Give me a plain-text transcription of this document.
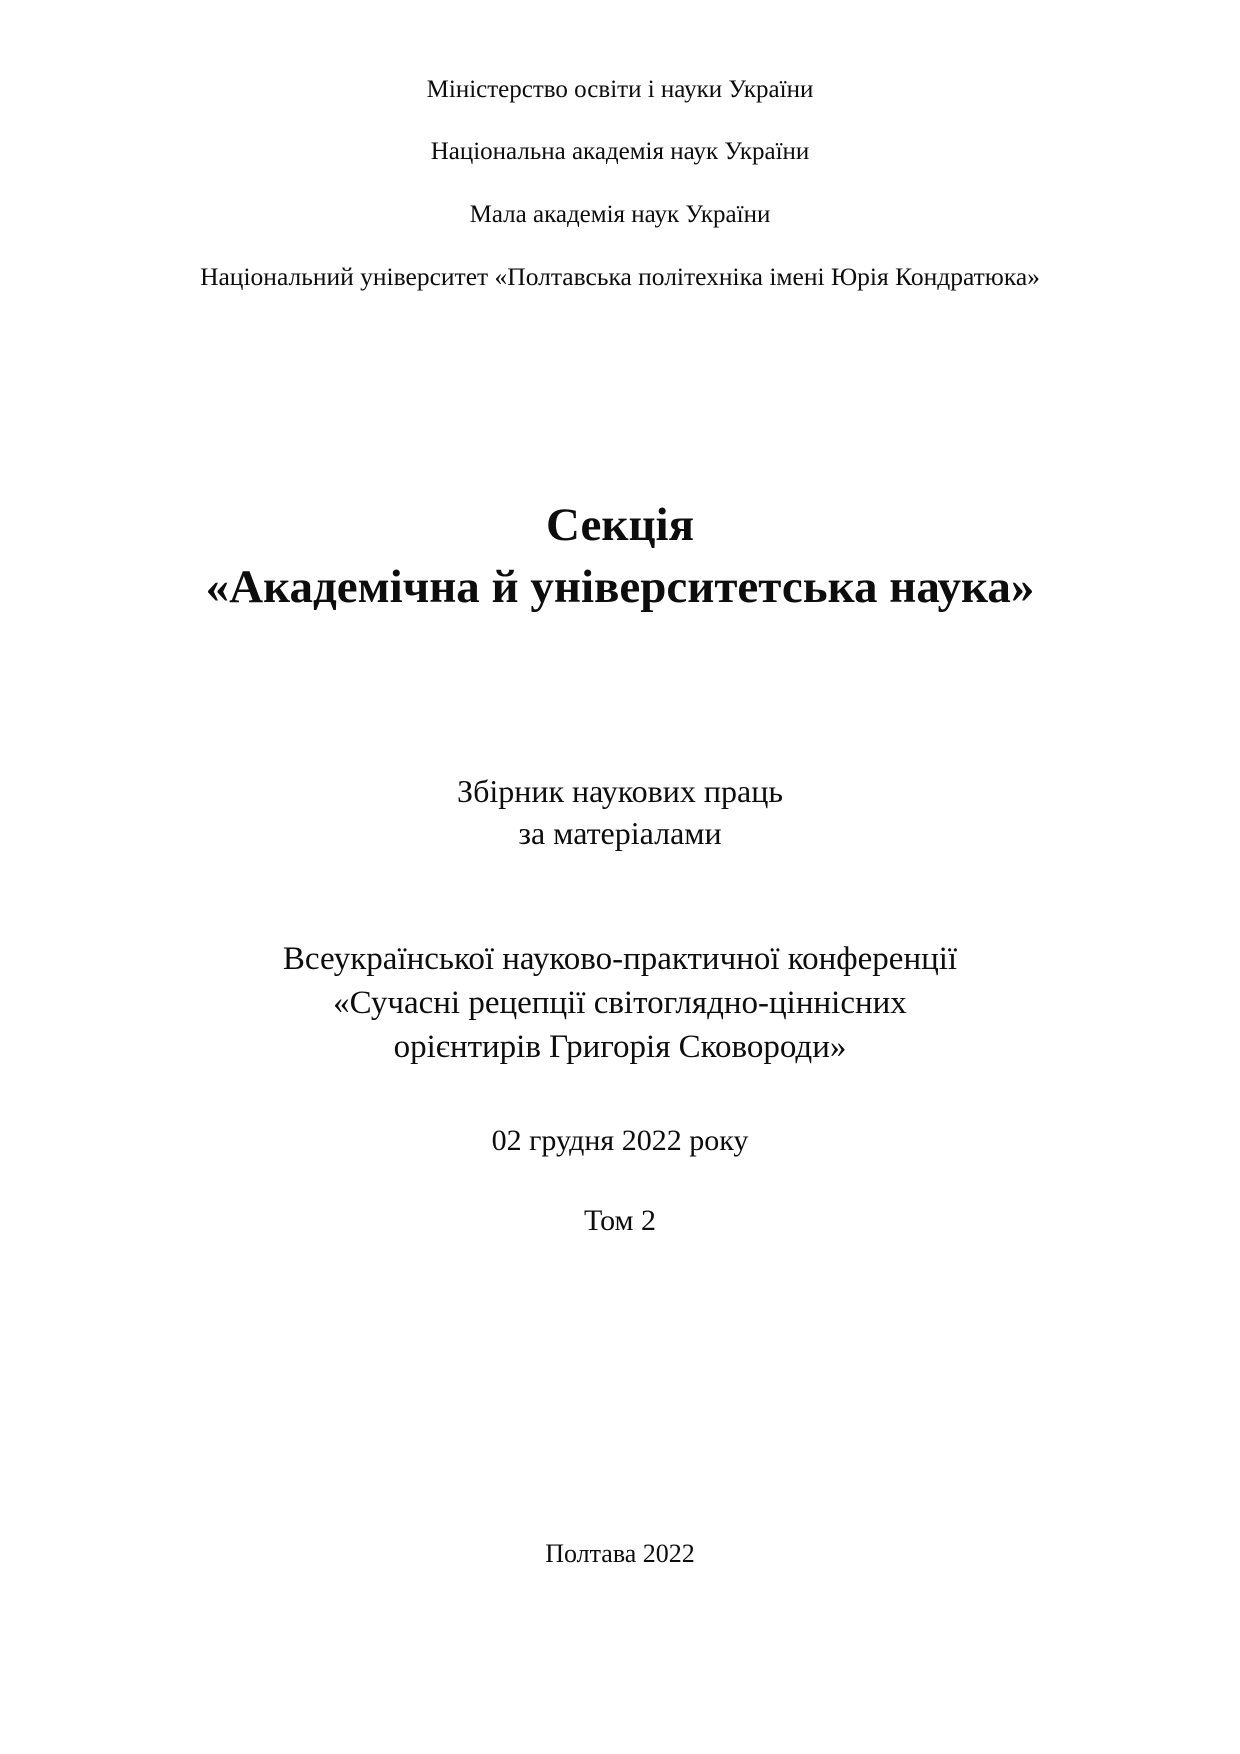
Міністерство освіти і науки України

Національна академія наук України

Мала академія наук України

Національний університет «Полтавська політехніка імені Юрія Кондратюка»

Секція
«Академічна й університетська наука»
Збірник наукових праць
за матеріалами
Всеукраїнської науково-практичної конференції
«Сучасні рецепції світоглядно-ціннісних
орієнтирів Григорія Сковороди»
02 грудня 2022 року
Том 2
Полтава 2022
